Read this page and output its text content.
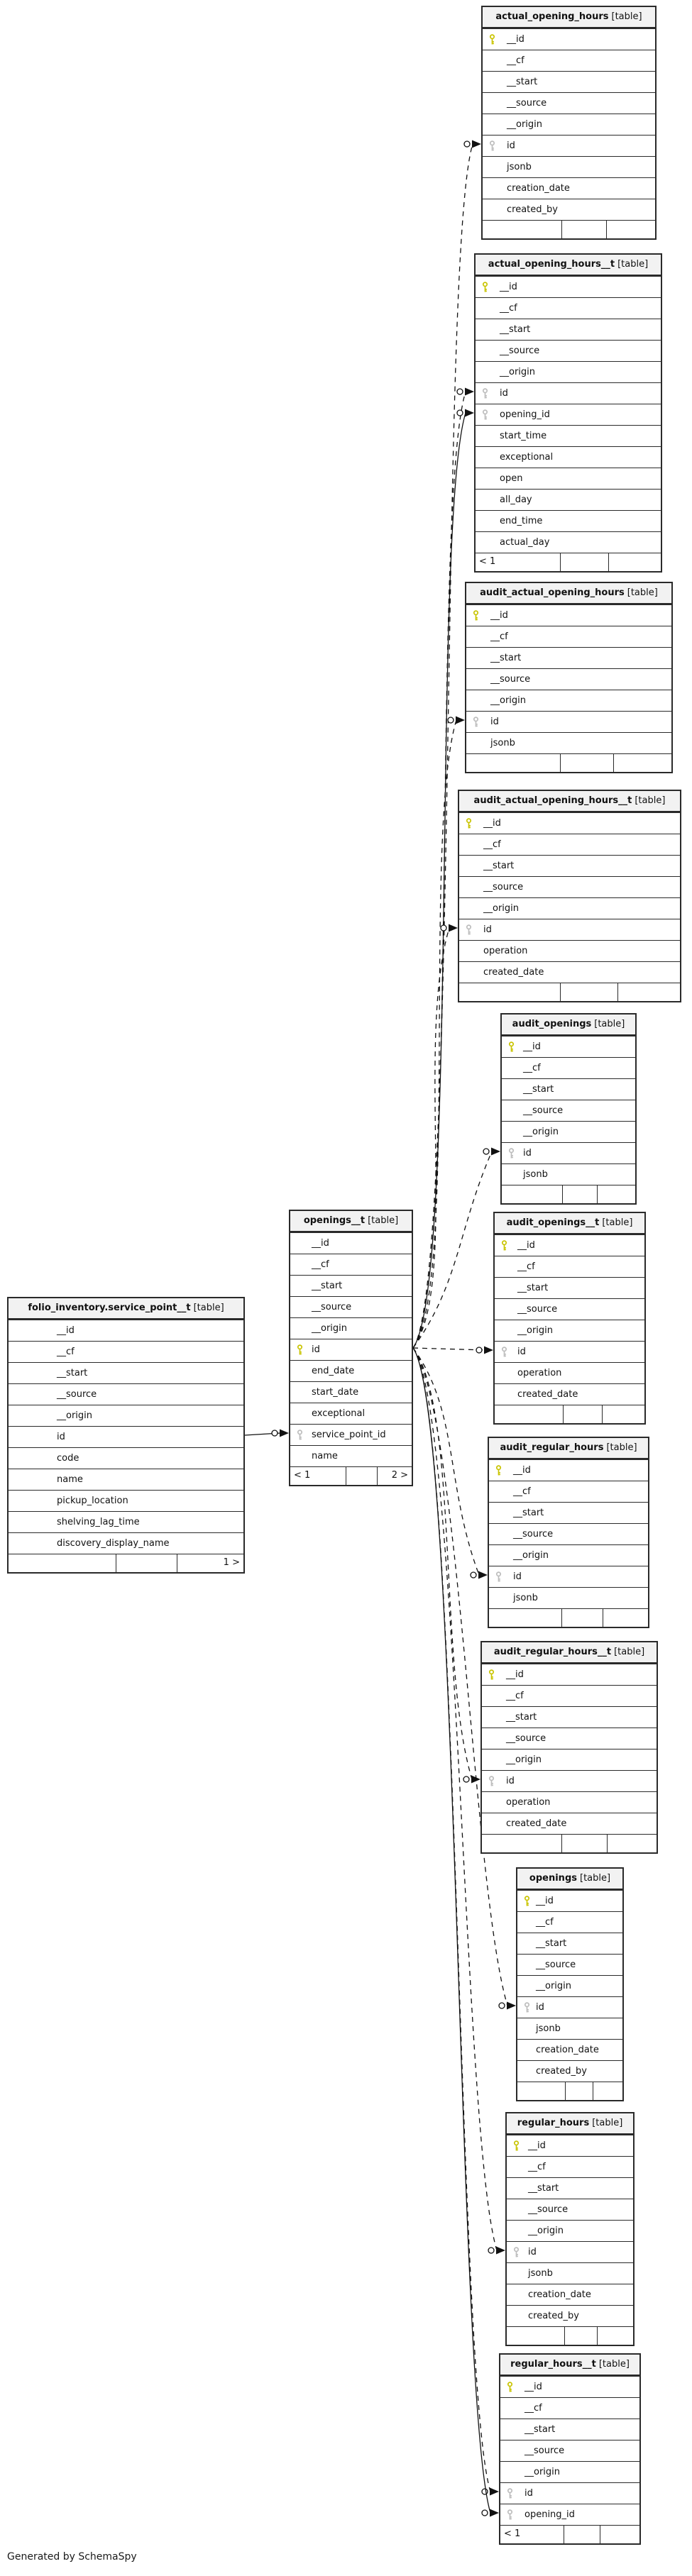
actual_opening_hours [table]
__id
__cf
__start
__source
__origin
id
jsonb
creation_date
created_by
actual_opening_hours__t [table]
__id
__cf
__start
__source
__origin
id
opening_id
start_time
exceptional
open
all_day
end_time
actual_day
< 1
audit_actual_opening_hours [table]
__id
__cf
__start
__source
__origin
id
jsonb
audit_actual_opening_hours__t [table]
__id
__cf
__start
__source
__origin
id
operation
created_date
audit_openings [table]
__id
__cf
__start
__source
__origin
id
jsonb
audit_openings__t [table]
__id
__cf
__start
__source
__origin
id
operation
created_date
audit_regular_hours [table]
__id
__cf
__start
__source
__origin
id
jsonb
audit_regular_hours__t [table]
__id
__cf
__start
__source
__origin
id
operation
created_date
openings [table]
__id
__cf
__start
__source
__origin
id
jsonb
creation_date
created_by
regular_hours [table]
__id
__cf
__start
__source
__origin
id
jsonb
creation_date
created_by
regular_hours__t [table]
__id
__cf
__start
__source
__origin
id
opening_id
< 1
folio_inventory.service_point__t [table]
__id
__cf
__start
__source
__origin
id
code
name
pickup_location
shelving_lag_time
discovery_display_name
1 >
openings__t [table]
__id
__cf
__start
__source
__origin
id
end_date
start_date
exceptional
service_point_id
name
< 1	2 >
Generated by SchemaSpy
